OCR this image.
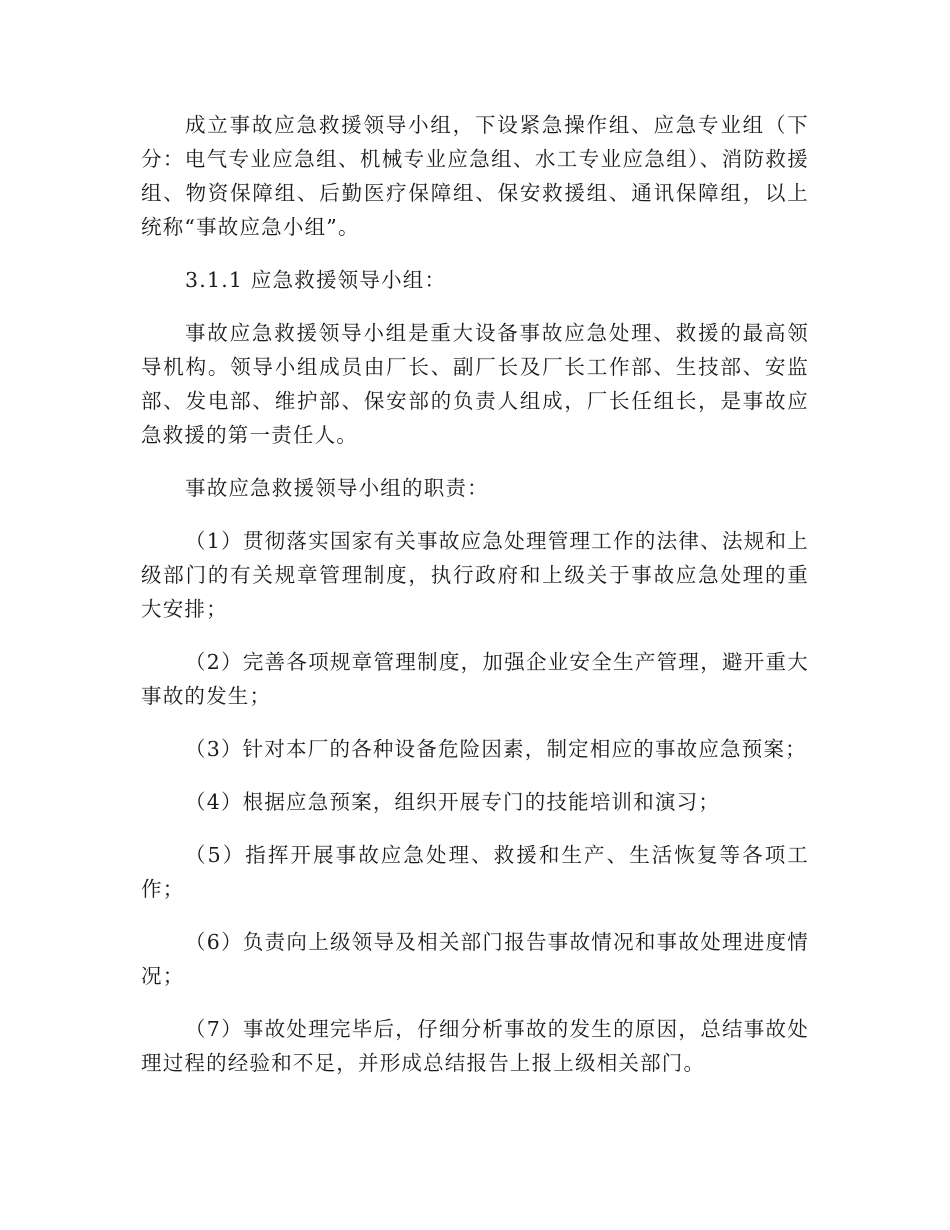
成立事故应急救援领导小组，下设紧急操作组、应急专业组（下分：电气专业应急组、机械专业应急组、水工专业应急组）、消防救援组、物资保障组、后勤医疗保障组、保安救援组、通讯保障组，以上统称“事故应急小组”。

3.1.1 应急救援领导小组：

事故应急救援领导小组是重大设备事故应急处理、救援的最高领导机构。领导小组成员由厂长、副厂长及厂长工作部、生技部、安监部、发电部、维护部、保安部的负责人组成，厂长任组长，是事故应急救援的第一责任人。

事故应急救援领导小组的职责：

（1）贯彻落实国家有关事故应急处理管理工作的法律、法规和上级部门的有关规章管理制度，执行政府和上级关于事故应急处理的重大安排；

（2）完善各项规章管理制度，加强企业安全生产管理，避开重大事故的发生；

（3）针对本厂的各种设备危险因素，制定相应的事故应急预案；

（4）根据应急预案，组织开展专门的技能培训和演习；

（5）指挥开展事故应急处理、救援和生产、生活恢复等各项工作；

（6）负责向上级领导及相关部门报告事故情况和事故处理进度情况；

（7）事故处理完毕后，仔细分析事故的发生的原因，总结事故处理过程的经验和不足，并形成总结报告上报上级相关部门。
